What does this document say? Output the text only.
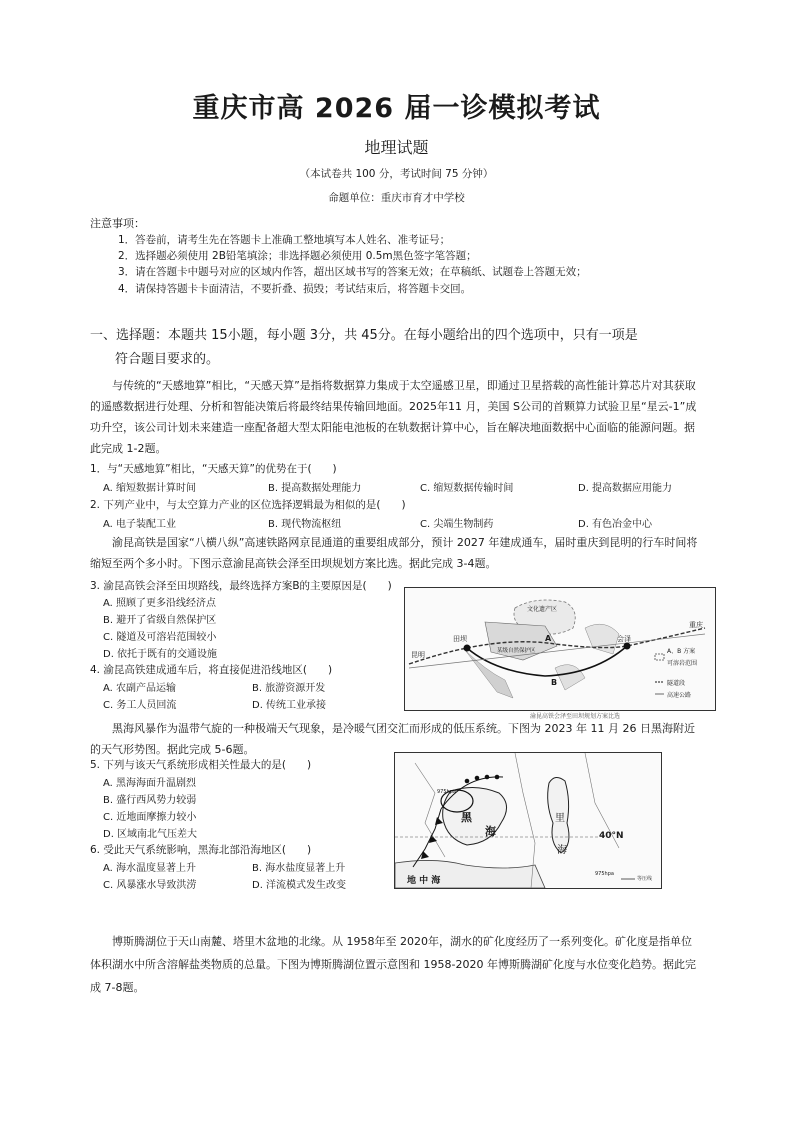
重庆市高 2026 届一诊模拟考试
地理试题
（本试卷共 100 分，考试时间 75 分钟）
命题单位：重庆市育才中学校
注意事项：
1．答卷前，请考生先在答题卡上准确工整地填写本人姓名、准考证号；
2．选择题必须使用 2B铅笔填涂；非选择题必须使用 0.5m黑色签字笔答题；
3．请在答题卡中题号对应的区域内作答，超出区域书写的答案无效；在草稿纸、试题卷上答题无效；
4．请保持答题卡卡面清洁，不要折叠、损毁；考试结束后，将答题卡交回。
一、选择题：本题共 15小题，每小题 3分，共 45分。在每小题给出的四个选项中，只有一项是
符合题目要求的。
与传统的“天感地算”相比，“天感天算”是指将数据算力集成于太空遥感卫星，即通过卫星搭载的高性能计算芯片对其获取的遥感数据进行处理、分析和智能决策后将最终结果传输回地面。2025年11 月，美国 S公司的首颗算力试验卫星“星云-1”成功升空，该公司计划未来建造一座配备超大型太阳能电池板的在轨数据计算中心，旨在解决地面数据中心面临的能源问题。据此完成 1-2题。
1．与“天感地算”相比，“天感天算”的优势在于(　　)
A. 缩短数据计算时间	B. 提高数据处理能力	C. 缩短数据传输时间	D. 提高数据应用能力
2. 下列产业中，与太空算力产业的区位选择逻辑最为相似的是(　　)
A. 电子装配工业	B. 现代物流枢纽	C. 尖端生物制药	D. 有色冶金中心
渝昆高铁是国家“八横八纵”高速铁路网京昆通道的重要组成部分，预计 2027 年建成通车，届时重庆到昆明的行车时间将缩短至两个多小时。下图示意渝昆高铁会泽至田坝规划方案比选。据此完成 3-4题。
3. 渝昆高铁会泽至田坝路线，最终选择方案B的主要原因是(　　)
A. 照顾了更多沿线经济点
B. 避开了省级自然保护区
C. 隧道及可溶岩范围较小
D. 依托于既有的交通设施
4. 渝昆高铁建成通车后，将直接促进沿线地区(　　)
A. 农副产品运输	B. 旅游资源开发
C. 务工人员回流	D. 传统工业承接
文化遗产区
田坝	会泽
昆明
重庆
某级自然保护区
A
B
A、B 方案
可溶岩范围
隧道段
高速公路
渝昆高铁会泽至田坝规划方案比选
黑海风暴作为温带气旋的一种极端天气现象，是冷暖气团交汇而形成的低压系统。下图为 2023 年 11 月 26 日黑海附近的天气形势图。据此完成 5-6题。
5. 下列与该天气系统形成相关性最大的是(　　)
A. 黑海海面升温剧烈
B. 盛行西风势力较弱
C. 近地面摩擦力较小
D. 区域南北气压差大
6. 受此天气系统影响，黑海北部沿海地区(　　)
A. 海水温度显著上升	B. 海水盐度显著上升
C. 风暴涨水导致洪涝	D. 洋流模式发生改变
975hpa
黑
海
里
海
40°N
地 中 海
975hpa
等压线
博斯腾湖位于天山南麓、塔里木盆地的北缘。从 1958年至 2020年，湖水的矿化度经历了一系列变化。矿化度是指单位体积湖水中所含溶解盐类物质的总量。下图为博斯腾湖位置示意图和 1958-2020 年博斯腾湖矿化度与水位变化趋势。据此完成 7-8题。
